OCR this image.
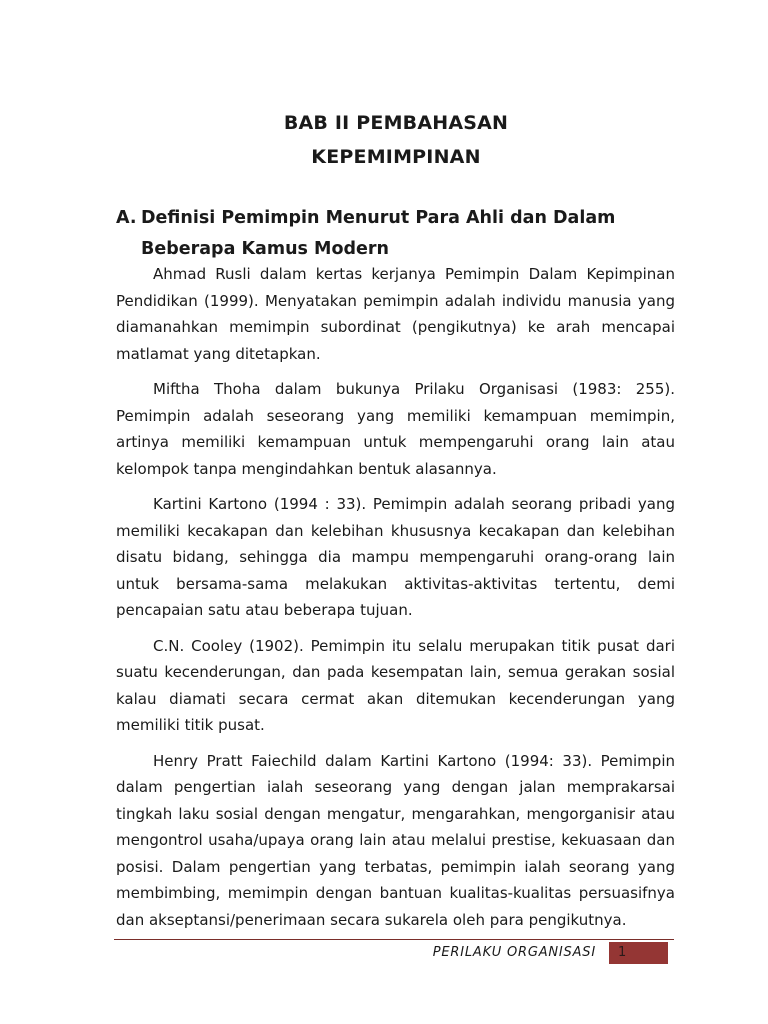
BAB II PEMBAHASAN
KEPEMIMPINAN
A. Definisi Pemimpin Menurut Para Ahli dan Dalam
Beberapa Kamus Modern

Ahmad Rusli dalam kertas kerjanya Pemimpin Dalam Kepimpinan Pendidikan (1999). Menyatakan pemimpin adalah individu manusia yang diamanahkan memimpin subordinat (pengikutnya) ke arah mencapai matlamat yang ditetapkan.

Miftha Thoha dalam bukunya Prilaku Organisasi (1983: 255). Pemimpin adalah seseorang yang memiliki kemampuan memimpin, artinya memiliki kemampuan untuk mempengaruhi orang lain atau kelompok tanpa mengindahkan bentuk alasannya.

Kartini Kartono (1994 : 33). Pemimpin adalah seorang pribadi yang memiliki kecakapan dan kelebihan khususnya kecakapan dan kelebihan disatu bidang, sehingga dia mampu mempengaruhi orang-orang lain untuk bersama-sama melakukan aktivitas-aktivitas tertentu, demi pencapaian satu atau beberapa tujuan.

C.N. Cooley (1902). Pemimpin itu selalu merupakan titik pusat dari suatu kecenderungan, dan pada kesempatan lain, semua gerakan sosial kalau diamati secara cermat akan ditemukan kecenderungan yang memiliki titik pusat.

Henry Pratt Faiechild dalam Kartini Kartono (1994: 33). Pemimpin dalam pengertian ialah seseorang yang dengan jalan memprakarsai tingkah laku sosial dengan mengatur, mengarahkan, mengorganisir atau mengontrol usaha/upaya orang lain atau melalui prestise, kekuasaan dan posisi. Dalam pengertian yang terbatas, pemimpin ialah seorang yang membimbing, memimpin dengan bantuan kualitas-kualitas persuasifnya dan akseptansi/penerimaan secara sukarela oleh para pengikutnya.

PERILAKU ORGANISASI	1
